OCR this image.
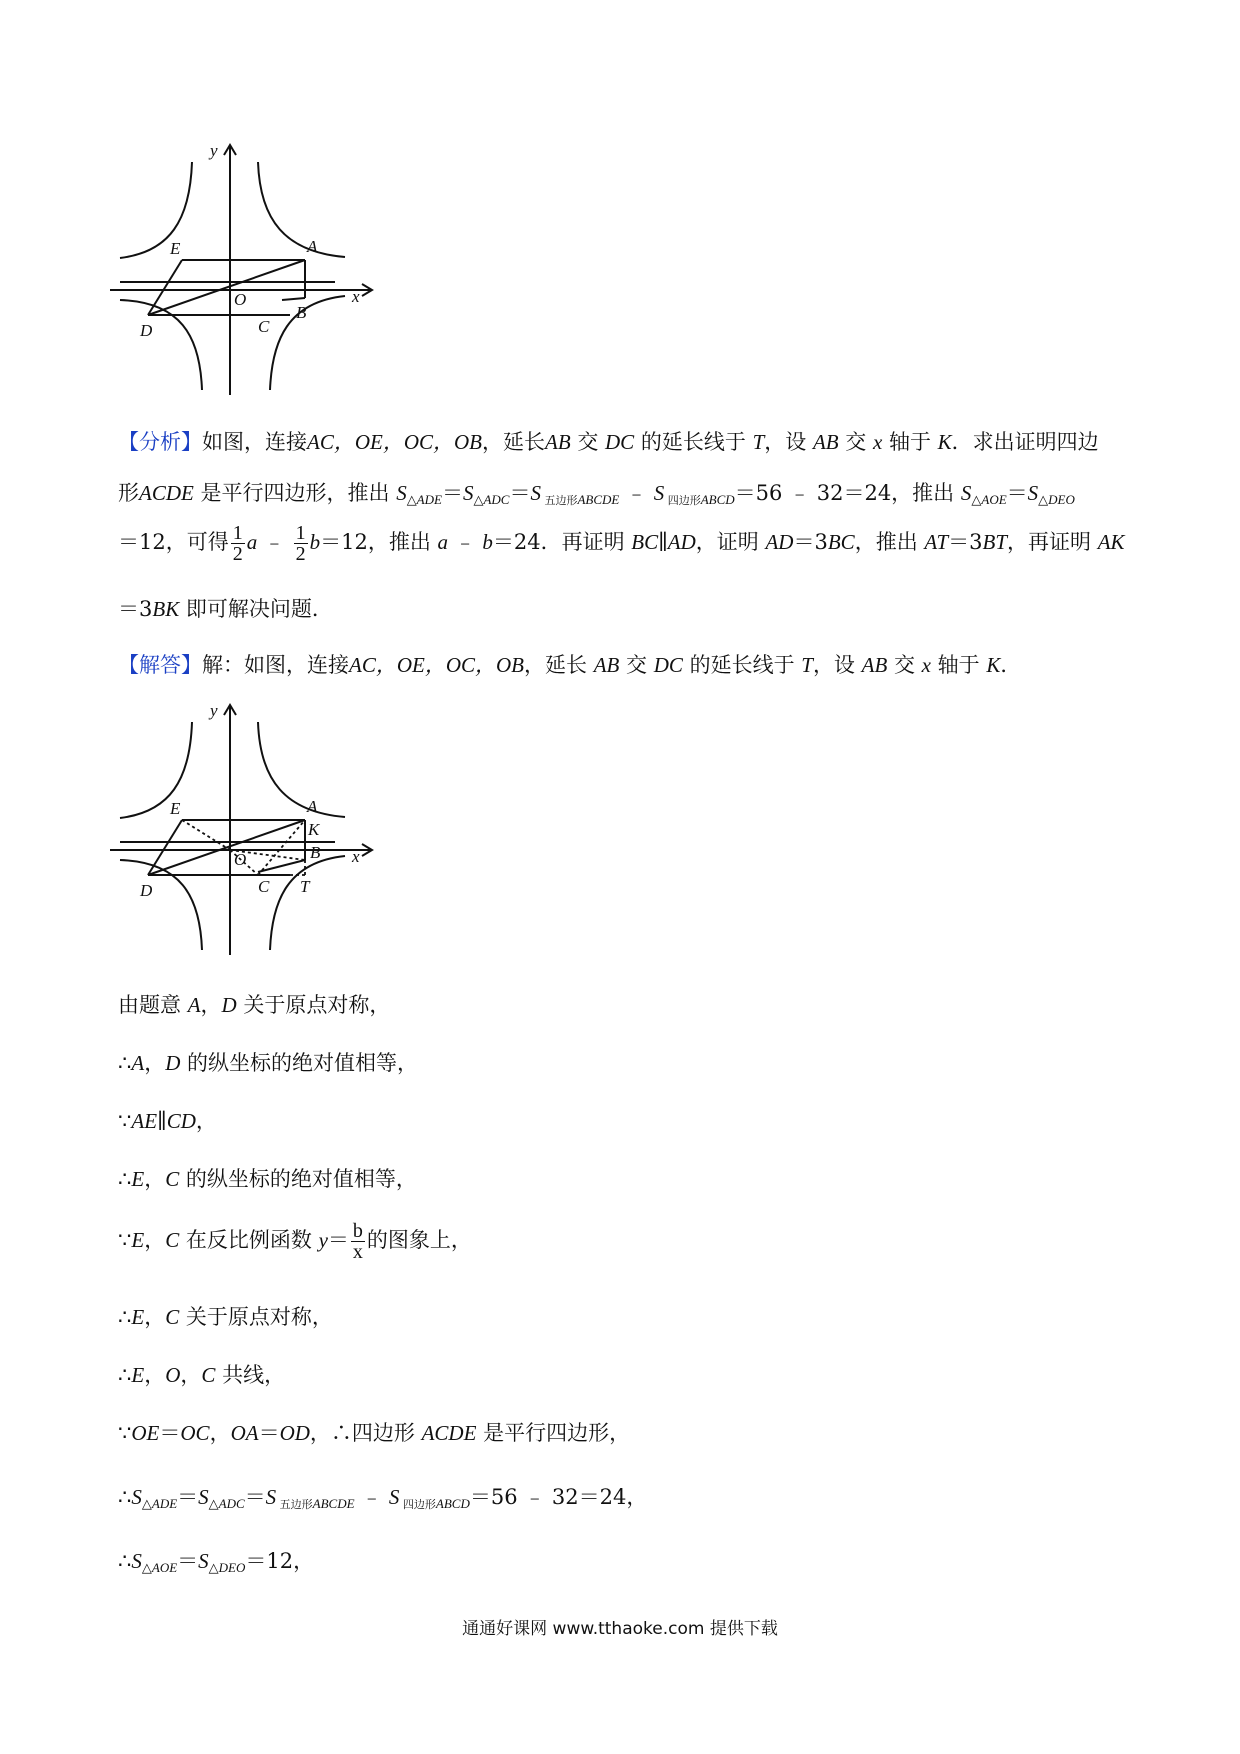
y
x
E	A
O
D	C
B
【分析】如图，连接AC，OE，OC，OB，延长AB 交 DC 的延长线于 T，设 AB 交 x 轴于 K．求出证明四边
形ACDE 是平行四边形，推出 $S_{\triangle ADE}=S_{\triangle ADC}=S$ 五边形$_{ABCDE}$ ﹣ S 四边形$_{ABCD}$＝56 ﹣ 32＝24，推出 $S_{\triangle AOE}=S_{\triangle DEO}$
＝12，可得 $\frac{1}{2}$ a ﹣ $\frac{1}{2} b=12$，推出 a ﹣ b＝24．再证明 BC∥AD，证明 AD＝3BC，推出 AT＝3BT，再证明 AK
＝3BK 即可解决问题．
【解答】解：如图，连接AC，OE，OC，OB，延长 AB 交 DC 的延长线于 T，设 AB 交 x 轴于 K．
y
x
E	A
K
O	B
D	C T
由题意 A，D 关于原点对称，
∴A，D 的纵坐标的绝对值相等，
∵AE∥CD，
∴E，C 的纵坐标的绝对值相等，
∵E，C 在反比例函数 $y= \frac{b}{x}$ 的图象上，
∴E，C 关于原点对称，
∴E，O，C 共线，
∵OE＝OC，OA＝OD，∴四边形 ACDE 是平行四边形，
$\therefore S_{\triangle ADE}=S_{\triangle ADC}=S$ 五边形$_{ABCDE}$ ﹣ S 四边形$_{ABCD}$＝56 ﹣ 32＝24，
$\therefore S_{\triangle AOE}=S_{\triangle DEO}=12$，
通通好课网 www.tthaoke.com 提供下载
